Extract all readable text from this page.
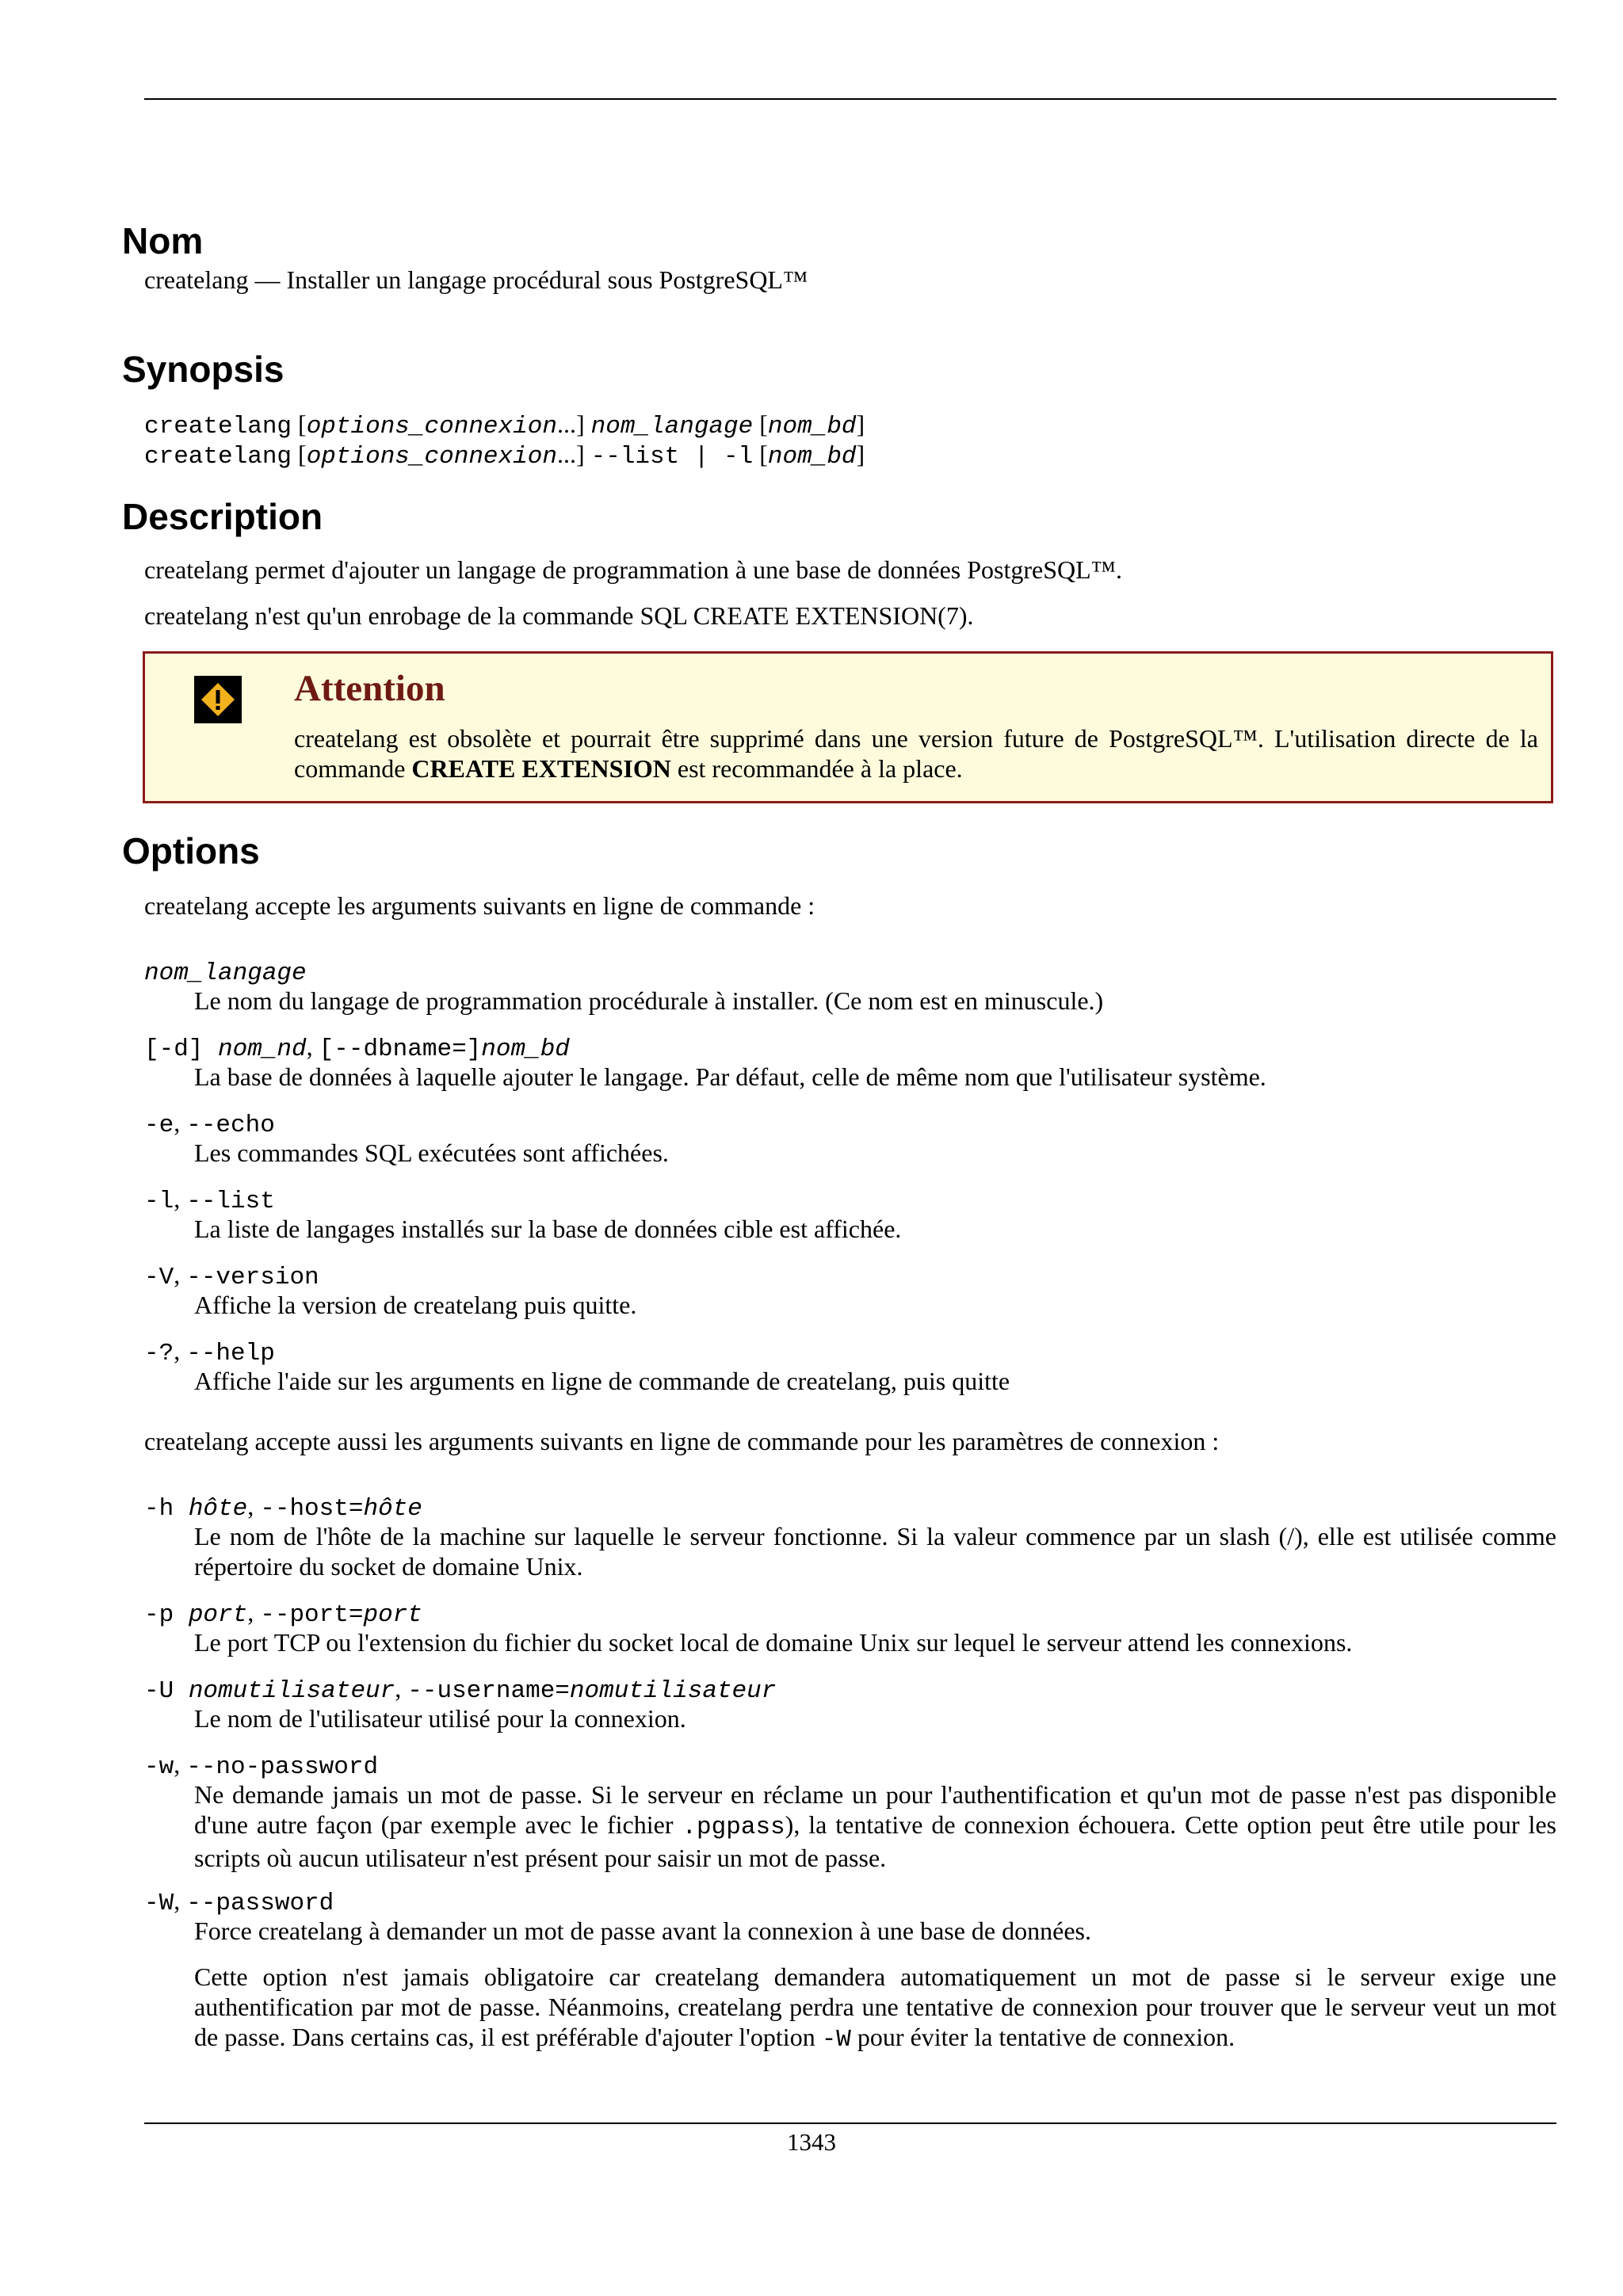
Nom

createlang — Installer un langage procédural sous PostgreSQL™

Synopsis
createlang [options_connexion...] nom_langage [nom_bd]
createlang [options_connexion...] --list | -l [nom_bd]
Description

createlang permet d'ajouter un langage de programmation à une base de données PostgreSQL™.

createlang n'est qu'un enrobage de la commande SQL CREATE EXTENSION(7).

Options

createlang accepte les arguments suivants en ligne de commande :

nom_langage

Le nom du langage de programmation procédurale à installer. (Ce nom est en minuscule.)

[-d] nom_nd, [--dbname=]nom_bd

La base de données à laquelle ajouter le langage. Par défaut, celle de même nom que l'utilisateur système.

-e, --echo

Les commandes SQL exécutées sont affichées.

-l, --list

La liste de langages installés sur la base de données cible est affichée.

-V, --version

Affiche la version de createlang puis quitte.

-?, --help

Affiche l'aide sur les arguments en ligne de commande de createlang, puis quitte

createlang accepte aussi les arguments suivants en ligne de commande pour les paramètres de connexion :

-h hôte, --host=hôte

Le nom de l'hôte de la machine sur laquelle le serveur fonctionne. Si la valeur commence par un slash (/), elle est utilisée comme répertoire du socket de domaine Unix.

-p port, --port=port

Le port TCP ou l'extension du fichier du socket local de domaine Unix sur lequel le serveur attend les connexions.

-U nomutilisateur, --username=nomutilisateur

Le nom de l'utilisateur utilisé pour la connexion.

-w, --no-password

Ne demande jamais un mot de passe. Si le serveur en réclame un pour l'authentification et qu'un mot de passe n'est pas disponible d'une autre façon (par exemple avec le fichier .pgpass), la tentative de connexion échouera. Cette option peut être utile pour les scripts où aucun utilisateur n'est présent pour saisir un mot de passe.

-W, --password

Force createlang à demander un mot de passe avant la connexion à une base de données.

Cette option n'est jamais obligatoire car createlang demandera automatiquement un mot de passe si le serveur exige une authentification par mot de passe. Néanmoins, createlang perdra une tentative de connexion pour trouver que le serveur veut un mot de passe. Dans certains cas, il est préférable d'ajouter l'option -W pour éviter la tentative de connexion.

Attention
createlang est obsolète et pourrait être supprimé dans une version future de PostgreSQL™. L'utilisation directe de la commande CREATE EXTENSION est recommandée à la place.
1343
